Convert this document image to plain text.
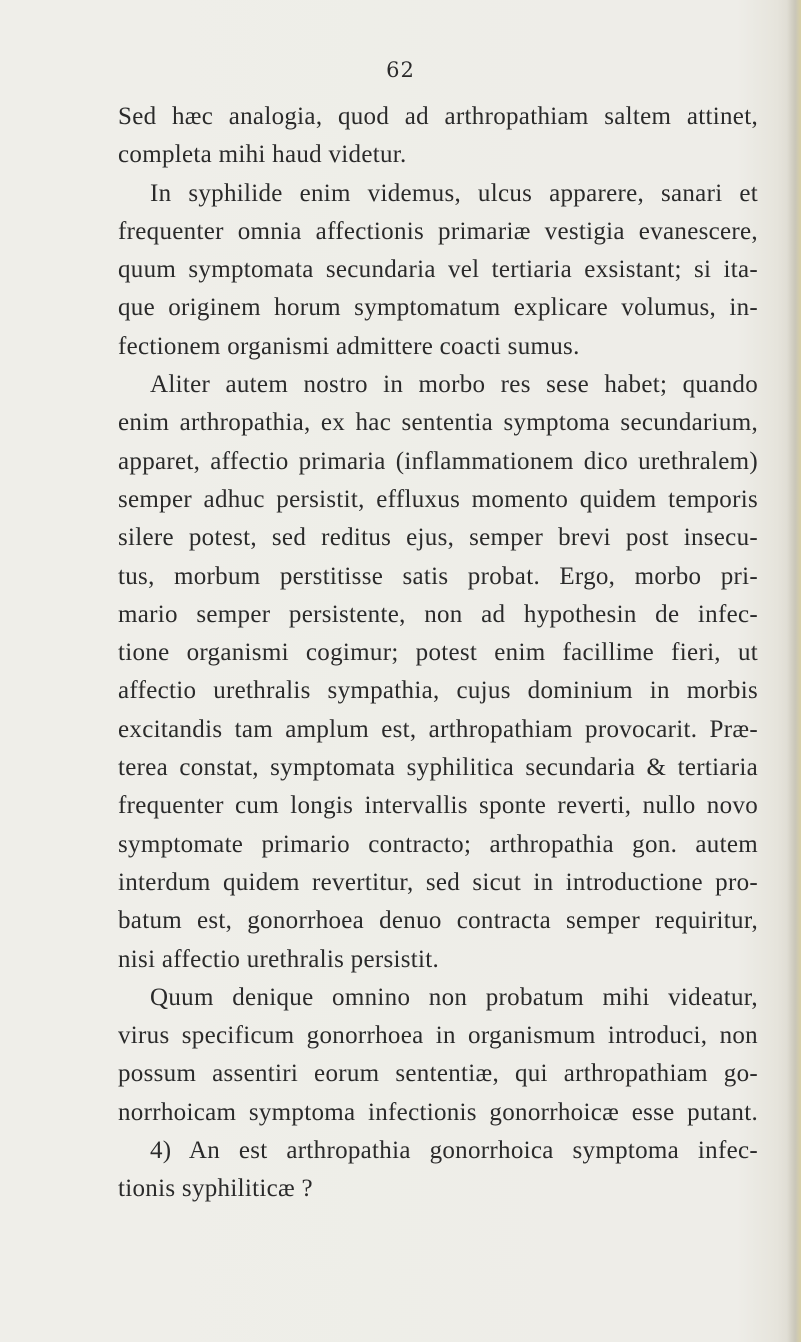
62
Sed hæc analogia, quod ad arthropathiam saltem attinet,
completa mihi haud videtur.
In syphilide enim videmus, ulcus apparere, sanari et
frequenter omnia affectionis primariæ vestigia evanescere,
quum symptomata secundaria vel tertiaria exsistant; si ita-
que originem horum symptomatum explicare volumus, in-
fectionem organismi admittere coacti sumus.
Aliter autem nostro in morbo res sese habet; quando
enim arthropathia, ex hac sententia symptoma secundarium,
apparet, affectio primaria (inflammationem dico urethralem)
semper adhuc persistit, effluxus momento quidem temporis
silere potest, sed reditus ejus, semper brevi post insecu-
tus, morbum perstitisse satis probat. Ergo, morbo pri-
mario semper persistente, non ad hypothesin de infec-
tione organismi cogimur; potest enim facillime fieri, ut
affectio urethralis sympathia, cujus dominium in morbis
excitandis tam amplum est, arthropathiam provocarit. Præ-
terea constat, symptomata syphilitica secundaria & tertiaria
frequenter cum longis intervallis sponte reverti, nullo novo
symptomate primario contracto; arthropathia gon. autem
interdum quidem revertitur, sed sicut in introductione pro-
batum est, gonorrhoea denuo contracta semper requiritur,
nisi affectio urethralis persistit.
Quum denique omnino non probatum mihi videatur,
virus specificum gonorrhoea in organismum introduci, non
possum assentiri eorum sententiæ, qui arthropathiam go-
norrhoicam symptoma infectionis gonorrhoicæ esse putant.
4) An est arthropathia gonorrhoica symptoma infec-
tionis syphiliticæ ?
